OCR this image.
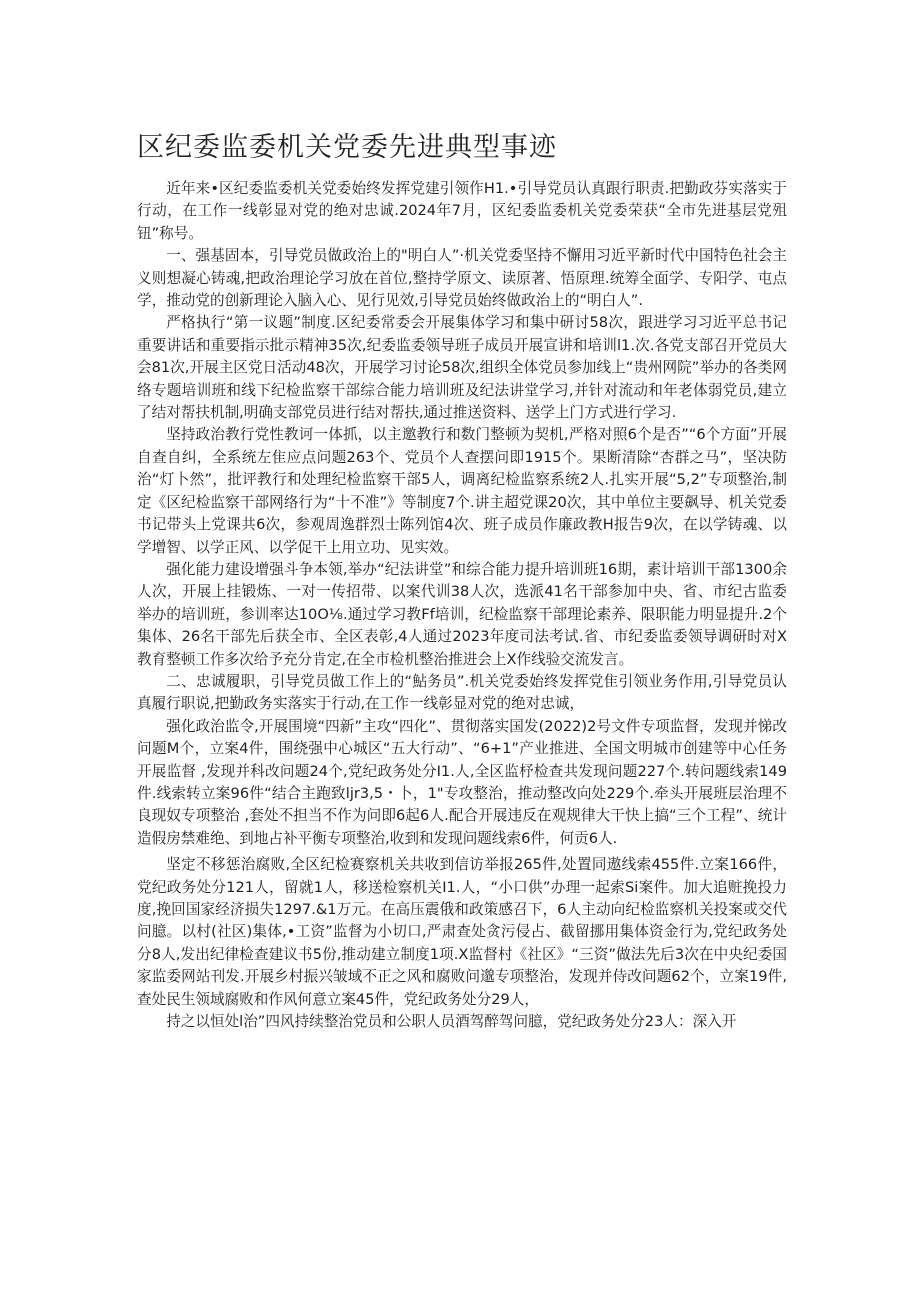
区纪委监委机关党委先进典型事迹

近年来•区纪委监委机关党委始终发挥党建引领作H1.•引导党员认真跟行职责.把勤政芬实落实于行动，在工作一线彰显对党的绝对忠诚.2024年7月，区纪委监委机关党委荣获“全市先进基层党殂钮”称号。

一、强基固本，引导党员做政治上的"明白人”·机关党委坚持不懈用习近平新时代中国特色社会主义则想凝心铸魂,把政治理论学习放在首位,整持学原文、读原著、悟原理.统筹全面学、专阳学、屯点学，推动党的创新理论入脑入心、见行见效,引导党员始终做政治上的“明白人”.

严格执行“第一议题”制度.区纪委常委会开展集体学习和集中研讨58次，跟进学习习近平总书记重要讲话和重要指示批示精神35次,纪委监委领导班子成员开展宣讲和培训l1.次.各党支部召开党员大会81次,开展主区党日活动48次，开展学习讨论58次,组织全体党员参加线上“贵州网院”举办的各类网络专题培训班和线下纪检监察干部综合能力培训班及纪法讲堂学习,并针对流动和年老体弱党员,建立了结对帮扶机制,明确支部党员进行结对帮扶,通过推送资料、送学上门方式进行学习.

坚持政治教行党性教诃一体抓，以主邀教行和数门整顿为契机,严格对照6个是否”“6个方面”开展自查自纠，全系统左隹应点问题263个、党员个人查摆问即1915个。果断清除“杏群之马”，坚决防治“灯卜然”，批评教行和处理纪检监察干部5人，调离纪检监察系统2人.扎实开展“5,2”专项整治,制定《区纪检监察干部网络行为“十不准”》等制度7个.讲主超党课20次，其中单位主要飙导、机关党委书记带头上党课共6次，参观周逸群烈士陈列馆4次、班子成员作廉政教H报告9次，在以学铸魂、以学增智、以学正风、以学促干上用立功、见实效。

强化能力建设增强斗争本领,举办“纪法讲堂”和综合能力提升培训班16期，素计培训干部1300余人次，开展上挂锻炼、一对一传招带、以案代训38人次，选派41名干部参加中央、省、市纪古监委举办的培训班，参训率达10O⅛.通过学习教Ff培训，纪检监察干部理论素养、限职能力明显提升.2个集体、26名干部先后获全市、全区表彰,4人通过2023年度司法考试.省、市纪委监委领导调研时对X教育整顿工作多次给予充分肯定,在全市检机整治推进会上X作线验交流发言。

二、忠诚履职，引导党员做工作上的“鮎务员”.机关党委始终发挥党隹引领业务作用,引导党员认真履行职说,把勤政务实落实于行动,在工作一线彰显对党的绝对忠诚，

强化政治监令,开展围境“四新”主攻“四化”、贯彻落实国发(2022)2号文件专项监督，发现并悌改问题M个，立案4件，围绕强中心城区“五大行动”、“6+1”产业推进、全国文明城市创建等中心任务开展监督 ,发现并科改问题24个,党纪政务处分I1.人,全区监杼检查共发现问题227个.转问题线索149件.线索转立案96件“结合主跑致ljr3,5・卜，1"专攻整治，推动整改向处229个.牵头开展班层治理不良现奴专项整治 ,套处不担当不作为问即6起6人.配合开展违反在观规律大干快上搞“三个工程”、统计造假房禁难绝、到地占补平衡专项整治,收到和发现问题线索6件，何贡6人.

坚定不移惩治腐败,全区纪检赛察机关共收到信访举报265件,处置同遨线索455件.立案166件，党纪政务处分121人，留就1人，移送检察机关I1.人，“小口供”办理一起索Si案件。加大追赃挽投力度,挽回国家经济损失1297.&1万元。在高压震俄和政策感召下，6人主动向纪检监察机关投案或交代问臆。以村(社区)集体,•工资”监督为小切口,严肃查处贪污侵占、截留挪用集体资金行为,党纪政务处分8人,发出纪律检查建议书5份,推动建立制度1项.X监督村《社区》“三资”做法先后3次在中央纪委国家监委网站刊发.开展乡村振兴皱域不正之风和腐败问邈专项整治，发现并侍改问题62个，立案19件,查处民生领域腐败和作风何意立案45件，党纪政务处分29人，

持之以恒处l治”四风持续整治党员和公职人员酒驾醉驾问臆，党纪政务处分23人：深入开
